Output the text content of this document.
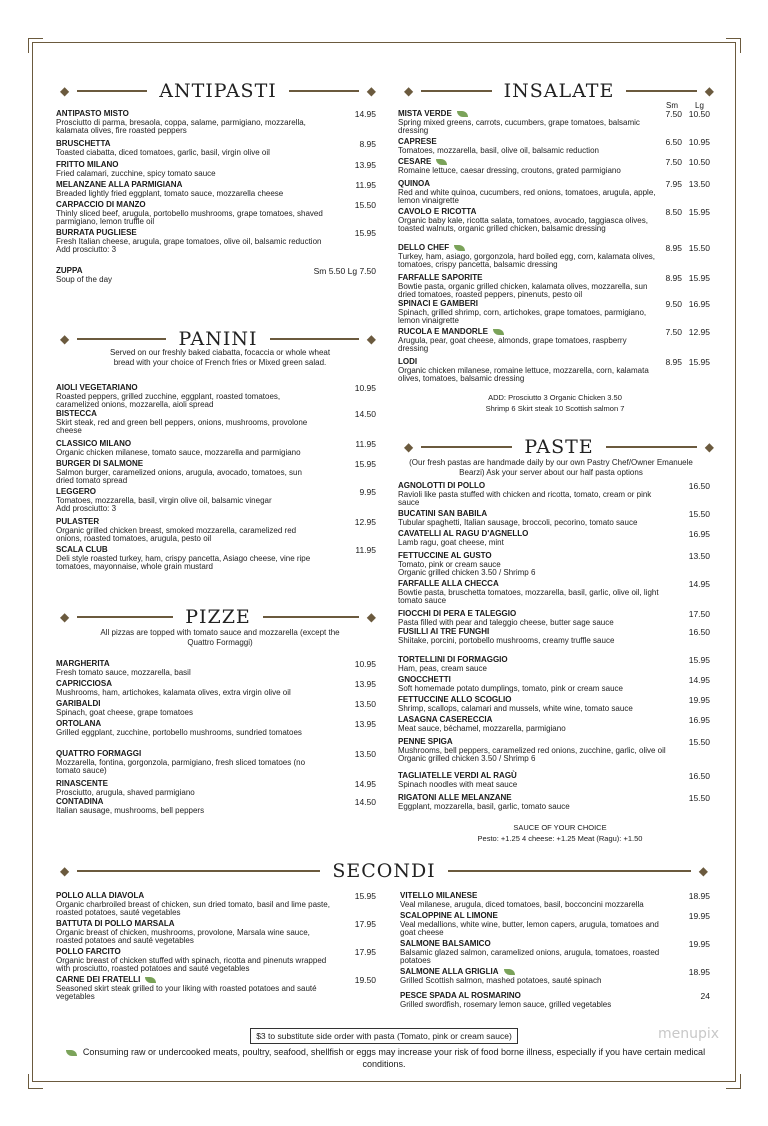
◆	ANTIPASTI	◆
ANTIPASTO MISTO
Prosciutto di parma, bresaola, coppa, salame, parmigiano, mozzarella, kalamata olives, fire roasted peppers
14.95
BRUSCHETTA
Toasted ciabatta, diced tomatoes, garlic, basil, virgin olive oil
8.95
FRITTO MILANO
Fried calamari, zucchine, spicy tomato sauce
13.95
MELANZANE ALLA PARMIGIANA
Breaded lightly fried eggplant, tomato sauce, mozzarella cheese
11.95
CARPACCIO DI MANZO
Thinly sliced beef, arugula, portobello mushrooms, grape tomatoes, shaved parmigiano, lemon truffle oil
15.50
BURRATA PUGLIESE
Fresh Italian cheese, arugula, grape tomatoes, olive oil, balsamic reduction
Add prosciutto: 3
15.95
ZUPPA
Soup of the day
Sm 5.50 Lg 7.50
◆	PANINI	◆
Served on our freshly baked ciabatta, focaccia or whole wheat bread with your choice of French fries or Mixed green salad.
AIOLI VEGETARIANO
Roasted peppers, grilled zucchine, eggplant, roasted tomatoes, caramelized onions, mozzarella, aioli spread
10.95
BISTECCA
Skirt steak, red and green bell peppers, onions, mushrooms, provolone cheese
14.50
CLASSICO MILANO
Organic chicken milanese, tomato sauce, mozzarella and parmigiano
11.95
BURGER DI SALMONE
Salmon burger, caramelized onions, arugula, avocado, tomatoes, sun dried tomato spread
15.95
LEGGERO
Tomatoes, mozzarella, basil, virgin olive oil, balsamic vinegar
Add prosciutto: 3
9.95
PULASTER
Organic grilled chicken breast, smoked mozzarella, caramelized red onions, roasted tomatoes, arugula, pesto oil
12.95
SCALA CLUB
Deli style roasted turkey, ham, crispy pancetta, Asiago cheese, vine ripe tomatoes, mayonnaise, whole grain mustard
11.95
◆	PIZZE	◆
All pizzas are topped with tomato sauce and mozzarella (except the Quattro Formaggi)
MARGHERITA
Fresh tomato sauce, mozzarella, basil
10.95
CAPRICCIOSA
Mushrooms, ham, artichokes, kalamata olives, extra virgin olive oil
13.95
GARIBALDI
Spinach, goat cheese, grape tomatoes
13.50
ORTOLANA
Grilled eggplant, zucchine, portobello mushrooms, sundried tomatoes
13.95
QUATTRO FORMAGGI
Mozzarella, fontina, gorgonzola, parmigiano, fresh sliced tomatoes (no tomato sauce)
13.50
RINASCENTE
Prosciutto, arugula, shaved parmigiano
14.95
CONTADINA
Italian sausage, mushrooms, bell peppers
14.50
◆	INSALATE	◆
Sm Lg
MISTA VERDE
Spring mixed greens, carrots, cucumbers, grape tomatoes, balsamic dressing
7.50 10.50
CAPRESE
Tomatoes, mozzarella, basil, olive oil, balsamic reduction
6.50 10.95
CESARE
Romaine lettuce, caesar dressing, croutons, grated parmigiano
7.50 10.50
QUINOA
Red and white quinoa, cucumbers, red onions, tomatoes, arugula, apple, lemon vinaigrette
7.95 13.50
CAVOLO E RICOTTA
Organic baby kale, ricotta salata, tomatoes, avocado, taggiasca olives, toasted walnuts, organic grilled chicken, balsamic dressing
8.50 15.95
DELLO CHEF
Turkey, ham, asiago, gorgonzola, hard boiled egg, corn, kalamata olives, tomatoes, crispy pancetta, balsamic dressing
8.95 15.50
FARFALLE SAPORITE
Bowtie pasta, organic grilled chicken, kalamata olives, mozzarella, sun dried tomatoes, roasted peppers, pinenuts, pesto oil
8.95 15.95
SPINACI E GAMBERI
Spinach, grilled shrimp, corn, artichokes, grape tomatoes, parmigiano, lemon vinaigrette
9.50 16.95
RUCOLA E MANDORLE
Arugula, pear, goat cheese, almonds, grape tomatoes, raspberry dressing
7.50 12.95
LODI
Organic chicken milanese, romaine lettuce, mozzarella, corn, kalamata olives, tomatoes, balsamic dressing
8.95 15.95
ADD: Prosciutto 3 Organic Chicken 3.50
Shrimp 6 Skirt steak 10 Scottish salmon 7
◆	PASTE	◆
(Our fresh pastas are handmade daily by our own Pastry Chef/Owner Emanuele Bearzi) Ask your server about our half pasta options
AGNOLOTTI DI POLLO
Ravioli like pasta stuffed with chicken and ricotta, tomato, cream or pink sauce
16.50
BUCATINI SAN BABILA
Tubular spaghetti, Italian sausage, broccoli, pecorino, tomato sauce
15.50
CAVATELLI AL RAGU D'AGNELLO
Lamb ragu, goat cheese, mint
16.95
FETTUCCINE AL GUSTO
Tomato, pink or cream sauce
Organic grilled chicken 3.50 / Shrimp 6
13.50
FARFALLE ALLA CHECCA
Bowtie pasta, bruschetta tomatoes, mozzarella, basil, garlic, olive oil, light tomato sauce
14.95
FIOCCHI DI PERA E TALEGGIO
Pasta filled with pear and taleggio cheese, butter sage sauce
17.50
FUSILLI AI TRE FUNGHI
Shiitake, porcini, portobello mushrooms, creamy truffle sauce
16.50
TORTELLINI DI FORMAGGIO
Ham, peas, cream sauce
15.95
GNOCCHETTI
Soft homemade potato dumplings, tomato, pink or cream sauce
14.95
FETTUCCINE ALLO SCOGLIO
Shrimp, scallops, calamari and mussels, white wine, tomato sauce
19.95
LASAGNA CASERECCIA
Meat sauce, béchamel, mozzarella, parmigiano
16.95
PENNE SPIGA
Mushrooms, bell peppers, caramelized red onions, zucchine, garlic, olive oil
Organic grilled chicken 3.50 / Shrimp 6
15.50
TAGLIATELLE VERDI AL RAGÙ
Spinach noodles with meat sauce
16.50
RIGATONI ALLE MELANZANE
Eggplant, mozzarella, basil, garlic, tomato sauce
15.50
SAUCE OF YOUR CHOICE
Pesto: +1.25 4 cheese: +1.25 Meat (Ragu): +1.50
◆	SECONDI	◆
POLLO ALLA DIAVOLA
Organic charbroiled breast of chicken, sun dried tomato, basil and lime paste, roasted potatoes, sauté vegetables
15.95
BATTUTA DI POLLO MARSALA
Organic breast of chicken, mushrooms, provolone, Marsala wine sauce, roasted potatoes and sauté vegetables
17.95
POLLO FARCITO
Organic breast of chicken stuffed with spinach, ricotta and pinenuts wrapped with prosciutto, roasted potatoes and sauté vegetables
17.95
CARNE DEI FRATELLI
Seasoned skirt steak grilled to your liking with roasted potatoes and sauté vegetables
19.50
VITELLO MILANESE
Veal milanese, arugula, diced tomatoes, basil, bocconcini mozzarella
18.95
SCALOPPINE AL LIMONE
Veal medallions, white wine, butter, lemon capers, arugula, tomatoes and goat cheese
19.95
SALMONE BALSAMICO
Balsamic glazed salmon, caramelized onions, arugula, tomatoes, roasted potatoes
19.95
SALMONE ALLA GRIGLIA
Grilled Scottish salmon, mashed potatoes, sauté spinach
18.95
PESCE SPADA AL ROSMARINO
Grilled swordfish, rosemary lemon sauce, grilled vegetables
24
$3 to substitute side order with pasta (Tomato, pink or cream sauce)
Consuming raw or undercooked meats, poultry, seafood, shellfish or eggs may increase your risk of food borne illness, especially if you have certain medical conditions.
menupix
